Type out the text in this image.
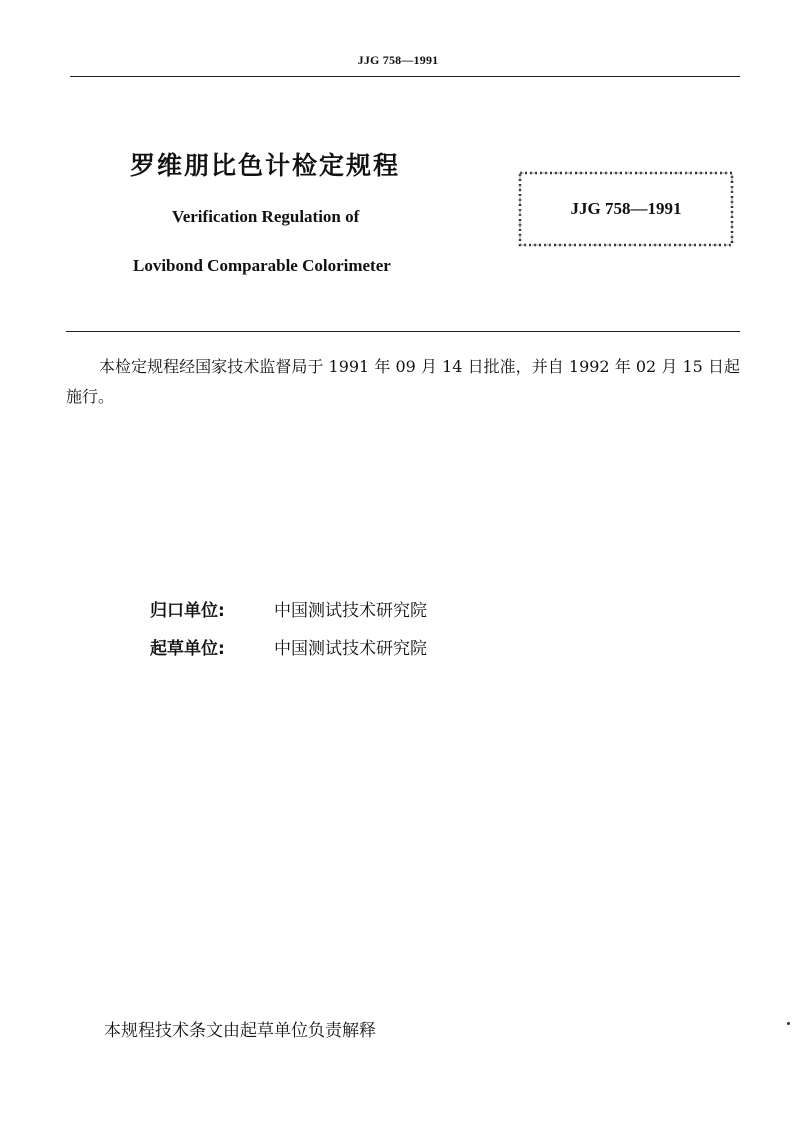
JJG 758—1991
罗维朋比色计检定规程
Verification Regulation of
Lovibond Comparable Colorimeter
JJG 758—1991
本检定规程经国家技术监督局于 1991 年 09 月 14 日批准，并自 1992 年 02 月 15 日起施行。
归口单位:	中国测试技术研究院
起草单位:	中国测试技术研究院
本规程技术条文由起草单位负责解释
